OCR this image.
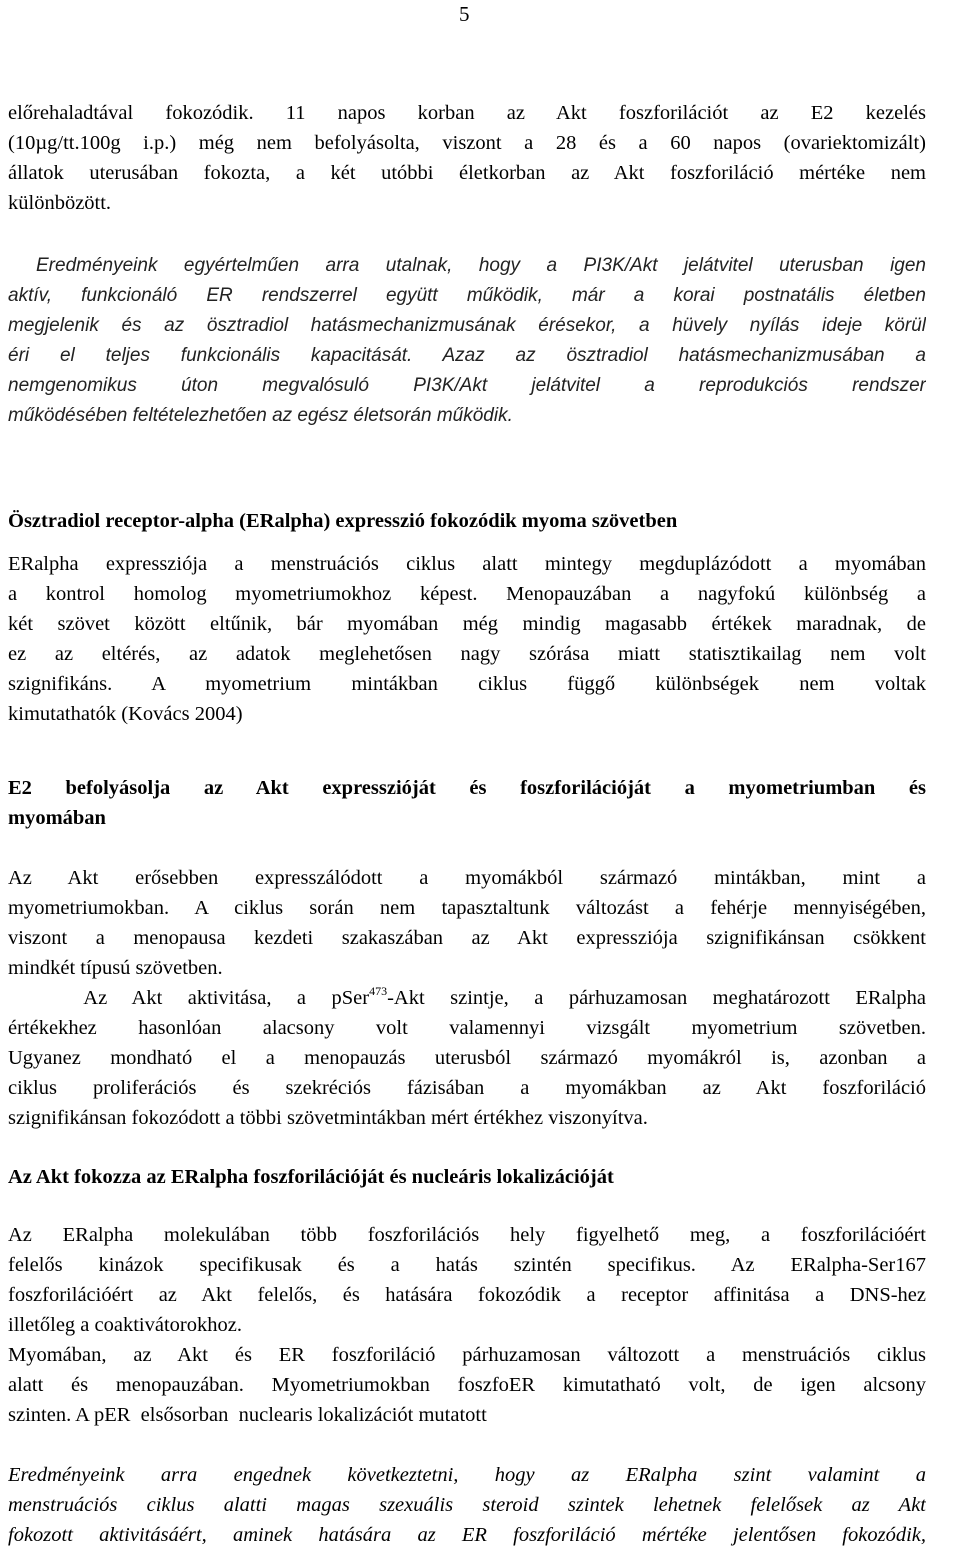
5
előrehaladtával fokozódik. 11 napos korban az Akt foszforilációt az E2 kezelés
(10µg/tt.100g i.p.) még nem befolyásolta, viszont a 28 és a 60 napos (ovariektomizált)
állatok uterusában fokozta, a két utóbbi életkorban az Akt foszforiláció mértéke nem
különbözött.
Eredményeink egyértelműen arra utalnak, hogy a PI3K/Akt jelátvitel uterusban igen
aktív, funkcionáló ER rendszerrel együtt működik, már a korai postnatális életben
megjelenik és az ösztradiol hatásmechanizmusának érésekor, a hüvely nyílás ideje körül
éri el teljes funkcionális kapacitását. Azaz az ösztradiol hatásmechanizmusában a
nemgenomikus úton megvalósuló PI3K/Akt jelátvitel a reprodukciós rendszer
működésében feltételezhetően az egész életsorán működik.
Ösztradiol receptor-alpha (ERalpha) expresszió fokozódik myoma szövetben
ERalpha expressziója a menstruációs ciklus alatt mintegy megduplázódott a myomában
a kontrol homolog myometriumokhoz képest. Menopauzában a nagyfokú különbség a
két szövet között eltűnik, bár myomában még mindig magasabb értékek maradnak, de
ez az eltérés, az adatok meglehetősen nagy szórása miatt statisztikailag nem volt
szignifikáns. A myometrium mintákban ciklus függő különbségek nem voltak
kimutathatók (Kovács 2004)
E2 befolyásolja az Akt expresszióját és foszforilációját a myometriumban és
myomában
Az Akt erősebben expresszálódott a myomákból származó mintákban, mint a
myometriumokban. A ciklus során nem tapasztaltunk változást a fehérje mennyiségében,
viszont a menopausa kezdeti szakaszában az Akt expressziója szignifikánsan csökkent
mindkét típusú szövetben.
Az Akt aktivitása, a pSer$^{473}$-Akt szintje, a párhuzamosan meghatározott ERalpha
értékekhez hasonlóan alacsony volt valamennyi vizsgált myometrium szövetben.
Ugyanez mondható el a menopauzás uterusból származó myomákról is, azonban a
ciklus proliferációs és szekréciós fázisában a myomákban az Akt foszforiláció
szignifikánsan fokozódott a többi szövetmintákban mért értékhez viszonyítva.
Az Akt fokozza az ERalpha foszforilációját és nucleáris lokalizációját
Az ERalpha molekulában több foszforilációs hely figyelhető meg, a foszforilációért
felelős kinázok specifikusak és a hatás szintén specifikus. Az ERalpha-Ser167
foszforilációért az Akt felelős, és hatására fokozódik a receptor affinitása a DNS-hez
illetőleg a coaktivátorokhoz.
Myomában, az Akt és ER foszforiláció párhuzamosan változott a menstruációs ciklus
alatt és menopauzában. Myometriumokban foszfoER kimutatható volt, de igen alcsony
szinten. A pER  elsősorban  nuclearis lokalizációt mutatott
Eredményeink arra engednek következtetni, hogy az ERalpha szint valamint a
menstruációs ciklus alatti magas szexuális steroid szintek lehetnek felelősek az Akt
fokozott aktivitásáért, aminek hatására az ER foszforiláció mértéke jelentősen fokozódik,
